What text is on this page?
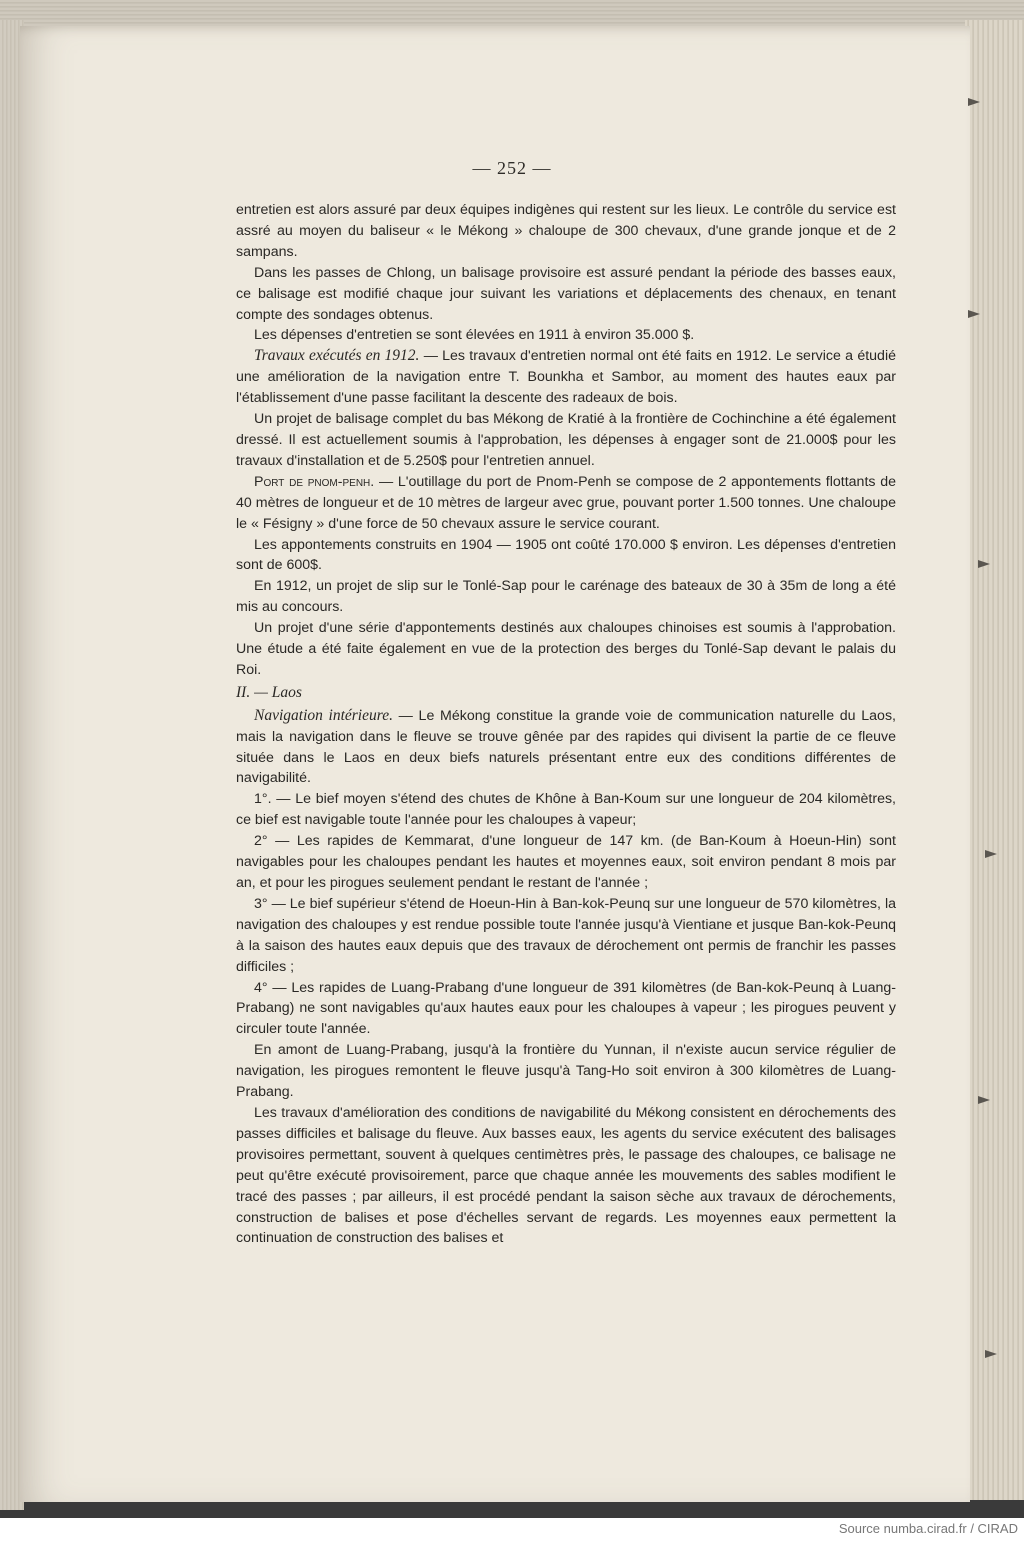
— 252 —

entretien est alors assuré par deux équipes indigènes qui restent sur les lieux. Le contrôle du service est assré au moyen du baliseur « le Mékong » chaloupe de 300 chevaux, d'une grande jonque et de 2 sampans.

Dans les passes de Chlong, un balisage provisoire est assuré pendant la période des basses eaux, ce balisage est modifié chaque jour suivant les variations et déplacements des chenaux, en tenant compte des sondages obtenus.

Les dépenses d'entretien se sont élevées en 1911 à environ 35.000 $.

Travaux exécutés en 1912. — Les travaux d'entretien normal ont été faits en 1912. Le service a étudié une amélioration de la navigation entre T. Bounkha et Sambor, au moment des hautes eaux par l'établissement d'une passe facilitant la descente des radeaux de bois.

Un projet de balisage complet du bas Mékong de Kratié à la frontière de Cochinchine a été également dressé. Il est actuellement soumis à l'approbation, les dépenses à engager sont de 21.000$ pour les travaux d'installation et de 5.250$ pour l'entretien annuel.

Port de pnom-penh. — L'outillage du port de Pnom-Penh se compose de 2 appontements flottants de 40 mètres de longueur et de 10 mètres de largeur avec grue, pouvant porter 1.500 tonnes. Une chaloupe le « Fésigny » d'une force de 50 chevaux assure le service courant.

Les appontements construits en 1904 — 1905 ont coûté 170.000 $ environ. Les dépenses d'entretien sont de 600$.

En 1912, un projet de slip sur le Tonlé-Sap pour le carénage des bateaux de 30 à 35m de long a été mis au concours.

Un projet d'une série d'appontements destinés aux chaloupes chinoises est soumis à l'approbation. Une étude a été faite également en vue de la protection des berges du Tonlé-Sap devant le palais du Roi.

II. — Laos

Navigation intérieure. — Le Mékong constitue la grande voie de communication naturelle du Laos, mais la navigation dans le fleuve se trouve gênée par des rapides qui divisent la partie de ce fleuve située dans le Laos en deux biefs naturels présentant entre eux des conditions différentes de navigabilité.

1°. — Le bief moyen s'étend des chutes de Khône à Ban-Koum sur une longueur de 204 kilomètres, ce bief est navigable toute l'année pour les chaloupes à vapeur;

2° — Les rapides de Kemmarat, d'une longueur de 147 km. (de Ban-Koum à Hoeun-Hin) sont navigables pour les chaloupes pendant les hautes et moyennes eaux, soit environ pendant 8 mois par an, et pour les pirogues seulement pendant le restant de l'année ;

3° — Le bief supérieur s'étend de Hoeun-Hin à Ban-kok-Peunq sur une longueur de 570 kilomètres, la navigation des chaloupes y est rendue possible toute l'année jusqu'à Vientiane et jusque Ban-kok-Peunq à la saison des hautes eaux depuis que des travaux de dérochement ont permis de franchir les passes difficiles ;

4° — Les rapides de Luang-Prabang d'une longueur de 391 kilomètres (de Ban-kok-Peunq à Luang-Prabang) ne sont navigables qu'aux hautes eaux pour les chaloupes à vapeur ; les pirogues peuvent y circuler toute l'année.

En amont de Luang-Prabang, jusqu'à la frontière du Yunnan, il n'existe aucun service régulier de navigation, les pirogues remontent le fleuve jusqu'à Tang-Ho soit environ à 300 kilomètres de Luang-Prabang.

Les travaux d'amélioration des conditions de navigabilité du Mékong consistent en dérochements des passes difficiles et balisage du fleuve. Aux basses eaux, les agents du service exécutent des balisages provisoires permettant, souvent à quelques centimètres près, le passage des chaloupes, ce balisage ne peut qu'être exécuté provisoirement, parce que chaque année les mouvements des sables modifient le tracé des passes ; par ailleurs, il est procédé pendant la saison sèche aux travaux de dérochements, construction de balises et pose d'échelles servant de regards. Les moyennes eaux permettent la continuation de construction des balises et

Source numba.cirad.fr / CIRAD
